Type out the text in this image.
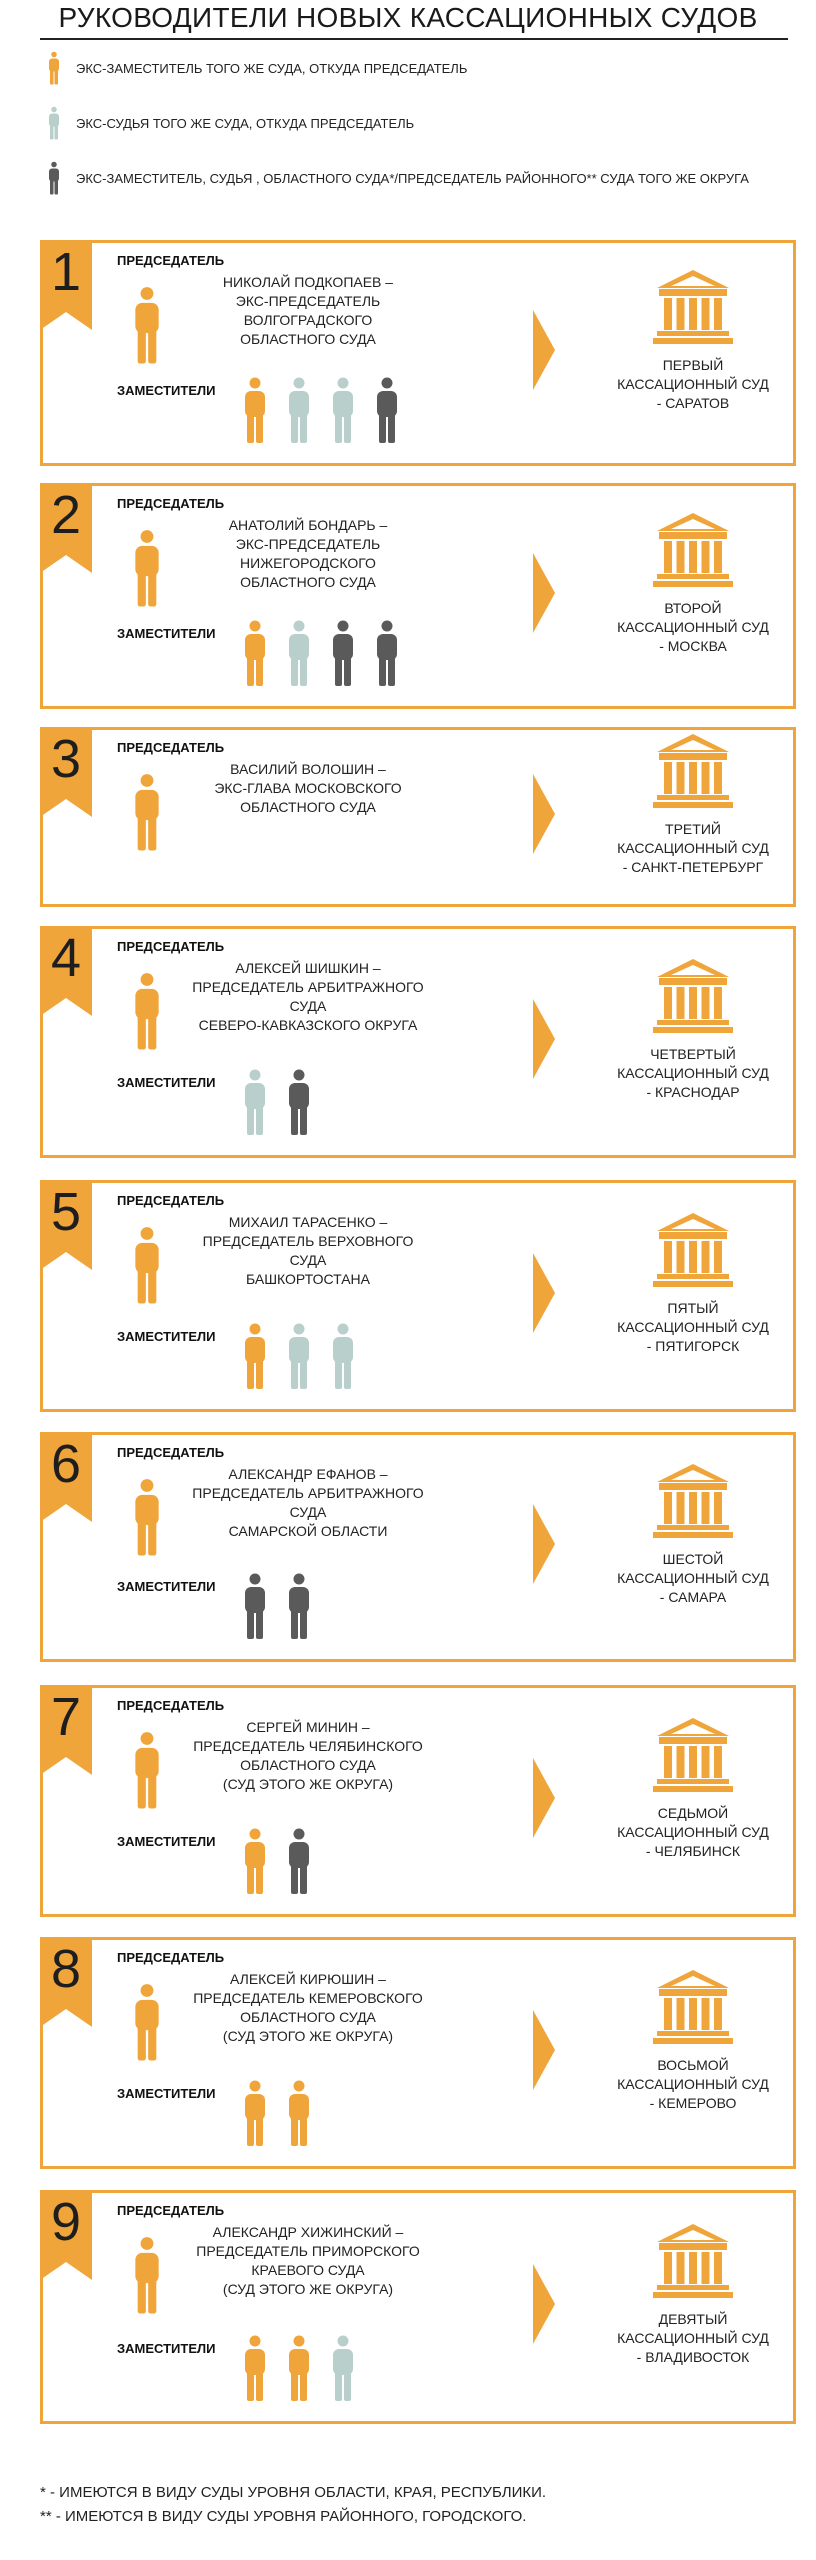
РУКОВОДИТЕЛИ НОВЫХ КАССАЦИОННЫХ СУДОВ
ЭКС-ЗАМЕСТИТЕЛЬ ТОГО ЖЕ СУДА, ОТКУДА ПРЕДСЕДАТЕЛЬ
ЭКС-СУДЬЯ ТОГО ЖЕ СУДА, ОТКУДА ПРЕДСЕДАТЕЛЬ
ЭКС-ЗАМЕСТИТЕЛЬ, СУДЬЯ , ОБЛАСТНОГО СУДА*/ПРЕДСЕДАТЕЛЬ РАЙОННОГО** СУДА ТОГО ЖЕ ОКРУГА
1	ПРЕДСЕДАТЕЛЬ
НИКОЛАЙ ПОДКОПАЕВ –
ЭКС-ПРЕДСЕДАТЕЛЬ ВОЛГОГРАДСКОГО
ОБЛАСТНОГО СУДА
ЗАМЕСТИТЕЛИ
ПЕРВЫЙ
КАССАЦИОННЫЙ СУД
- САРАТОВ
2	ПРЕДСЕДАТЕЛЬ
АНАТОЛИЙ БОНДАРЬ –
ЭКС-ПРЕДСЕДАТЕЛЬ НИЖЕГОРОДСКОГО
ОБЛАСТНОГО СУДА
ЗАМЕСТИТЕЛИ
ВТОРОЙ
КАССАЦИОННЫЙ СУД
- МОСКВА
3	ПРЕДСЕДАТЕЛЬ
ВАСИЛИЙ ВОЛОШИН –
ЭКС-ГЛАВА МОСКОВСКОГО
ОБЛАСТНОГО СУДА
ТРЕТИЙ
КАССАЦИОННЫЙ СУД
- САНКТ-ПЕТЕРБУРГ
4	ПРЕДСЕДАТЕЛЬ
АЛЕКСЕЙ ШИШКИН –
ПРЕДСЕДАТЕЛЬ АРБИТРАЖНОГО СУДА
СЕВЕРО-КАВКАЗСКОГО ОКРУГА
ЗАМЕСТИТЕЛИ
ЧЕТВЕРТЫЙ
КАССАЦИОННЫЙ СУД
- КРАСНОДАР
5	ПРЕДСЕДАТЕЛЬ
МИХАИЛ ТАРАСЕНКО –
ПРЕДСЕДАТЕЛЬ ВЕРХОВНОГО СУДА
БАШКОРТОСТАНА
ЗАМЕСТИТЕЛИ
ПЯТЫЙ
КАССАЦИОННЫЙ СУД
- ПЯТИГОРСК
6	ПРЕДСЕДАТЕЛЬ
АЛЕКСАНДР ЕФАНОВ –
ПРЕДСЕДАТЕЛЬ АРБИТРАЖНОГО СУДА
САМАРСКОЙ ОБЛАСТИ
ЗАМЕСТИТЕЛИ
ШЕСТОЙ
КАССАЦИОННЫЙ СУД
- САМАРА
7	ПРЕДСЕДАТЕЛЬ
СЕРГЕЙ МИНИН –
ПРЕДСЕДАТЕЛЬ ЧЕЛЯБИНСКОГО
ОБЛАСТНОГО СУДА
(СУД ЭТОГО ЖЕ ОКРУГА)
ЗАМЕСТИТЕЛИ
СЕДЬМОЙ
КАССАЦИОННЫЙ СУД
- ЧЕЛЯБИНСК
8	ПРЕДСЕДАТЕЛЬ
АЛЕКСЕЙ КИРЮШИН –
ПРЕДСЕДАТЕЛЬ КЕМЕРОВСКОГО
ОБЛАСТНОГО СУДА
(СУД ЭТОГО ЖЕ ОКРУГА)
ЗАМЕСТИТЕЛИ
ВОСЬМОЙ
КАССАЦИОННЫЙ СУД
- КЕМЕРОВО
9	ПРЕДСЕДАТЕЛЬ
АЛЕКСАНДР ХИЖИНСКИЙ –
ПРЕДСЕДАТЕЛЬ ПРИМОРСКОГО
КРАЕВОГО СУДА
(СУД ЭТОГО ЖЕ ОКРУГА)
ЗАМЕСТИТЕЛИ
ДЕВЯТЫЙ
КАССАЦИОННЫЙ СУД
- ВЛАДИВОСТОК
* - ИМЕЮТСЯ В ВИДУ СУДЫ УРОВНЯ ОБЛАСТИ, КРАЯ, РЕСПУБЛИКИ.
** - ИМЕЮТСЯ В ВИДУ СУДЫ УРОВНЯ РАЙОННОГО, ГОРОДСКОГО.
